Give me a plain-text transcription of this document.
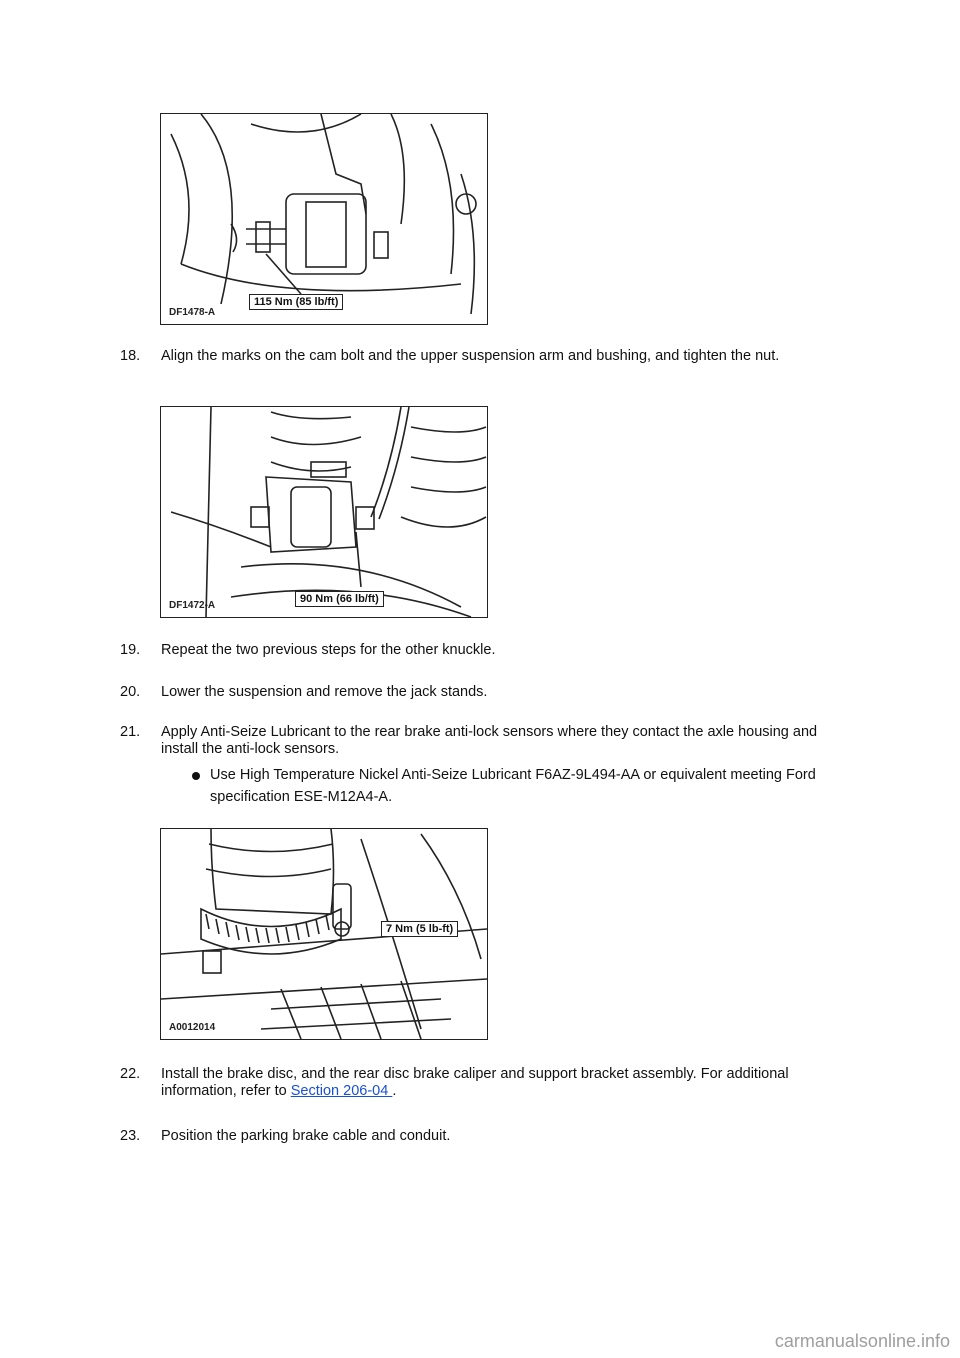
DF1478-A
115 Nm (85 lb/ft)
18. Align the marks on the cam bolt and the upper suspension arm and bushing, and tighten the nut.
DF1472-A
90 Nm (66 lb/ft)
19. Repeat the two previous steps for the other knuckle.
20. Lower the suspension and remove the jack stands.
21. Apply Anti-Seize Lubricant to the rear brake anti-lock sensors where they contact the axle housing and install the anti-lock sensors.
Use High Temperature Nickel Anti-Seize Lubricant F6AZ-9L494-AA or equivalent meeting Ford specification ESE-M12A4-A.
A0012014
7 Nm (5 lb-ft)
22. Install the brake disc, and the rear disc brake caliper and support bracket assembly. For additional information, refer to Section 206-04 .
23. Position the parking brake cable and conduit.
carmanualsonline.info
